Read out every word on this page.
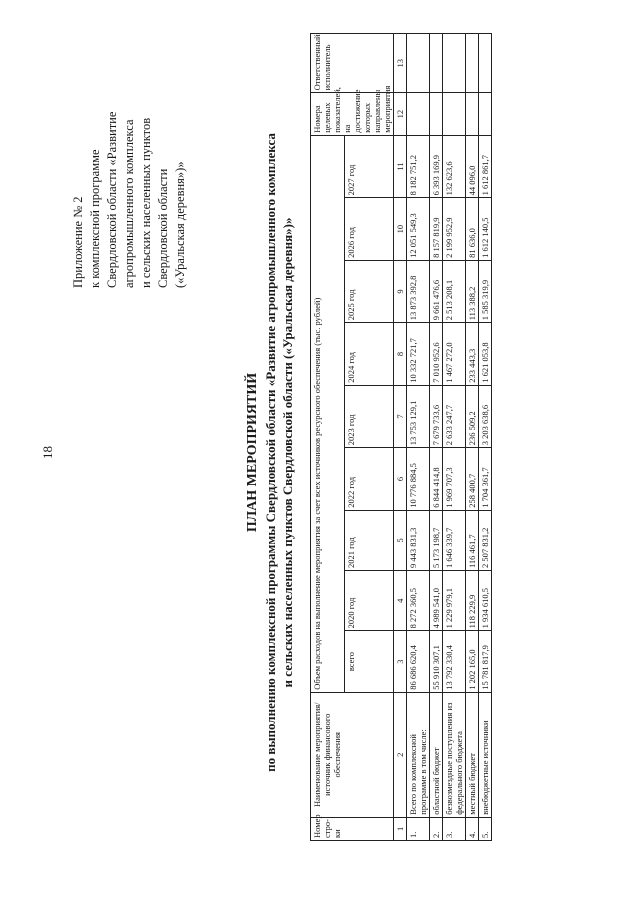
18
Приложение № 2 к комплексной программе Свердловской области «Развитие агропромышленного комплекса и сельских населенных пунктов Свердловской области («Уральская деревня»)»
ПЛАН МЕРОПРИЯТИЙ по выполнению комплексной программы Свердловской области «Развитие агропромышленного комплекса и сельских населенных пунктов Свердловской области («Уральская деревня»)»
Номер стро-ки	Наименование мероприятия/источник финансового обеспечения	Объем расходов на выполнение мероприятия за счет всех источников ресурсного обеспечения (тыс. рублей)									Номера целевых показателей, на достижение которых направлены мероприятия	Ответственный исполнитель
		всего	2020 год	2021 год	2022 год	2023 год	2024 год	2025 год	2026 год	2027 год		
1	2	3	4	5	6	7	8	9	10	11	12	13
1.	Всего по комплексной программе в том числе:	86 686 620,4	8 272 360,5	9 443 831,3	10 776 884,5	13 753 129,1	10 332 721,7	13 873 392,8	12 051 549,3	8 182 751,2		
2.	областной бюджет	55 910 307,1	4 989 541,0	5 173 198,7	6 844 414,8	7 679 733,6	7 010 952,6	9 661 476,6	8 157 819,9	6 393 169,9		
3.	безвозмездные поступления из федерального бюджета	13 792 330,4	1 229 979,1	1 646 339,7	1 969 707,3	2 633 247,7	1 467 272,0	2 513 208,1	2 199 952,9	132 623,6		
4.	местный бюджет	1 202 165,0	118 229,9	116 461,7	258 400,7	236 509,2	233 443,3	113 388,2	81 636,0	44 096,0		
5.	внебюджетные источники	15 781 817,9	1 934 610,5	2 507 831,2	1 704 361,7	3 203 638,6	1 621 053,8	1 585 319,9	1 612 140,5	1 612 861,7		
